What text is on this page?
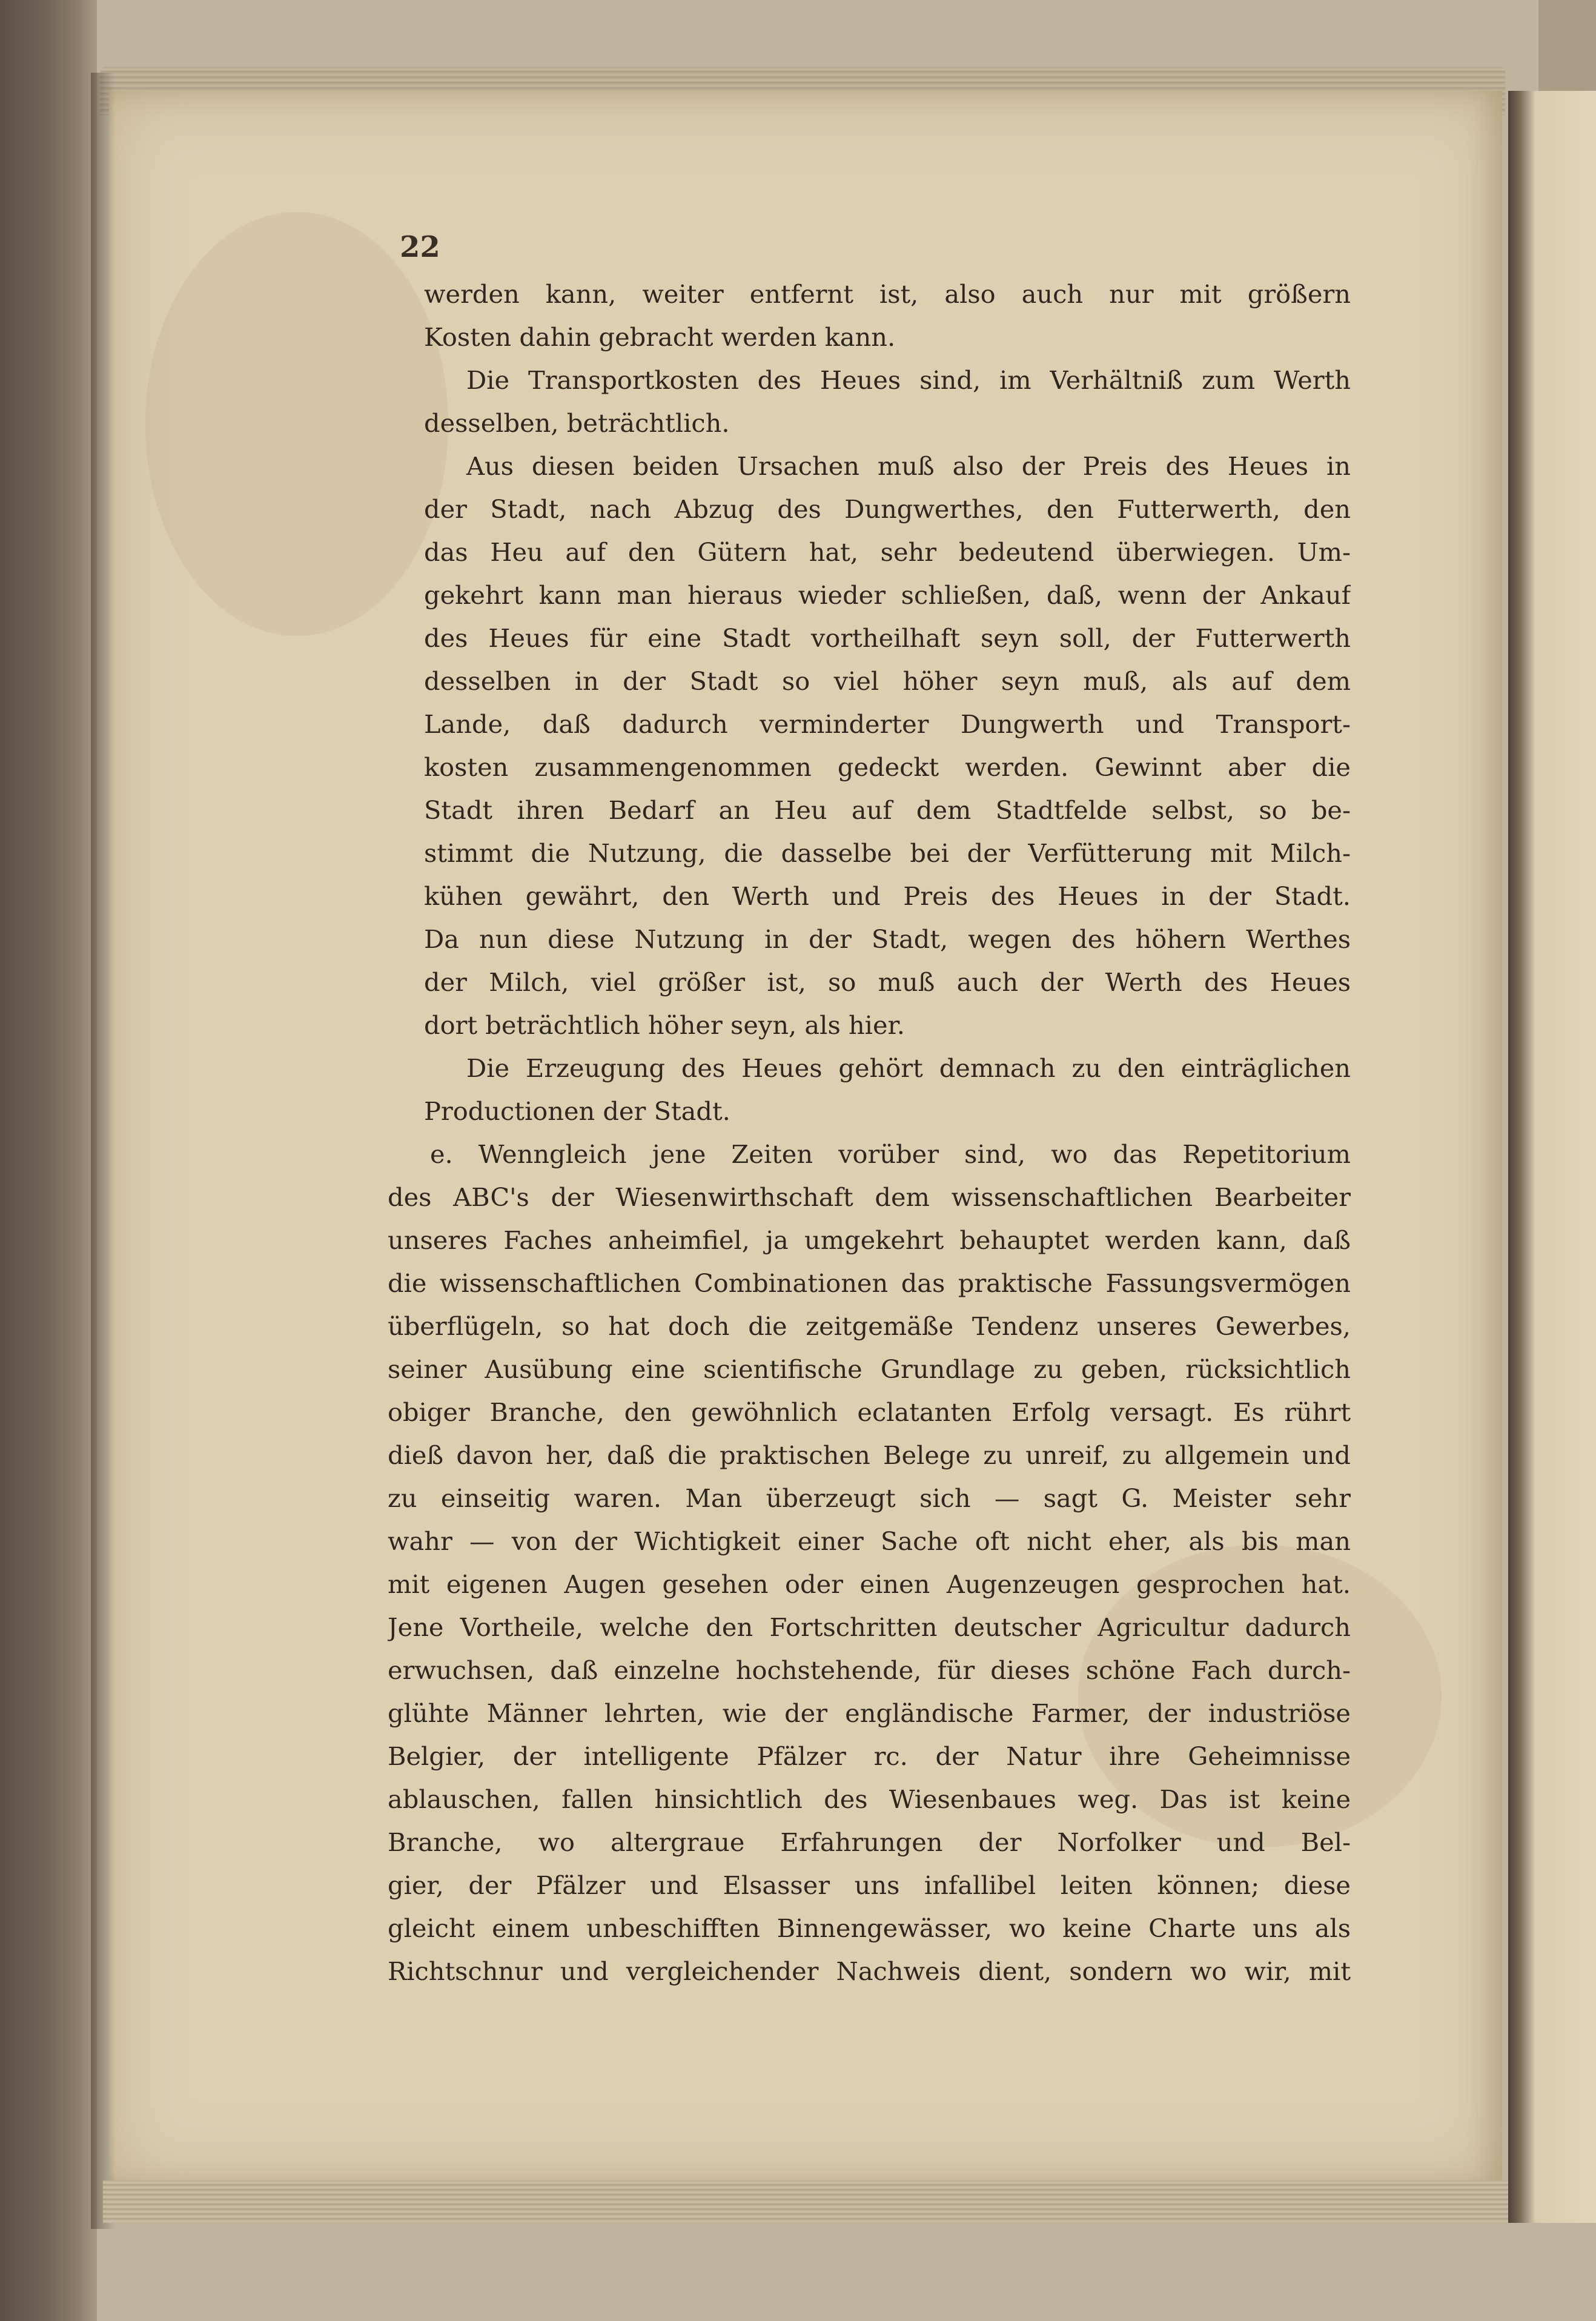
22
werden kann, weiter entfernt ist, also auch nur mit größern
Kosten dahin gebracht werden kann.
Die Transportkosten des Heues sind, im Verhältniß zum Werth
desselben, beträchtlich.
Aus diesen beiden Ursachen muß also der Preis des Heues in
der Stadt, nach Abzug des Dungwerthes, den Futterwerth, den
das Heu auf den Gütern hat, sehr bedeutend überwiegen. Um-
gekehrt kann man hieraus wieder schließen, daß, wenn der Ankauf
des Heues für eine Stadt vortheilhaft seyn soll, der Futterwerth
desselben in der Stadt so viel höher seyn muß, als auf dem
Lande, daß dadurch verminderter Dungwerth und Transport-
kosten zusammengenommen gedeckt werden. Gewinnt aber die
Stadt ihren Bedarf an Heu auf dem Stadtfelde selbst, so be-
stimmt die Nutzung, die dasselbe bei der Verfütterung mit Milch-
kühen gewährt, den Werth und Preis des Heues in der Stadt.
Da nun diese Nutzung in der Stadt, wegen des höhern Werthes
der Milch, viel größer ist, so muß auch der Werth des Heues
dort beträchtlich höher seyn, als hier.
Die Erzeugung des Heues gehört demnach zu den einträglichen
Productionen der Stadt.
e. Wenngleich jene Zeiten vorüber sind, wo das Repetitorium
des ABC's der Wiesenwirthschaft dem wissenschaftlichen Bearbeiter
unseres Faches anheimfiel, ja umgekehrt behauptet werden kann, daß
die wissenschaftlichen Combinationen das praktische Fassungsvermögen
überflügeln, so hat doch die zeitgemäße Tendenz unseres Gewerbes,
seiner Ausübung eine scientifische Grundlage zu geben, rücksichtlich
obiger Branche, den gewöhnlich eclatanten Erfolg versagt. Es rührt
dieß davon her, daß die praktischen Belege zu unreif, zu allgemein und
zu einseitig waren. Man überzeugt sich — sagt G. Meister sehr
wahr — von der Wichtigkeit einer Sache oft nicht eher, als bis man
mit eigenen Augen gesehen oder einen Augenzeugen gesprochen hat.
Jene Vortheile, welche den Fortschritten deutscher Agricultur dadurch
erwuchsen, daß einzelne hochstehende, für dieses schöne Fach durch-
glühte Männer lehrten, wie der engländische Farmer, der industriöse
Belgier, der intelligente Pfälzer rc. der Natur ihre Geheimnisse
ablauschen, fallen hinsichtlich des Wiesenbaues weg. Das ist keine
Branche, wo altergraue Erfahrungen der Norfolker und Bel-
gier, der Pfälzer und Elsasser uns infallibel leiten können; diese
gleicht einem unbeschifften Binnengewässer, wo keine Charte uns als
Richtschnur und vergleichender Nachweis dient, sondern wo wir, mit
